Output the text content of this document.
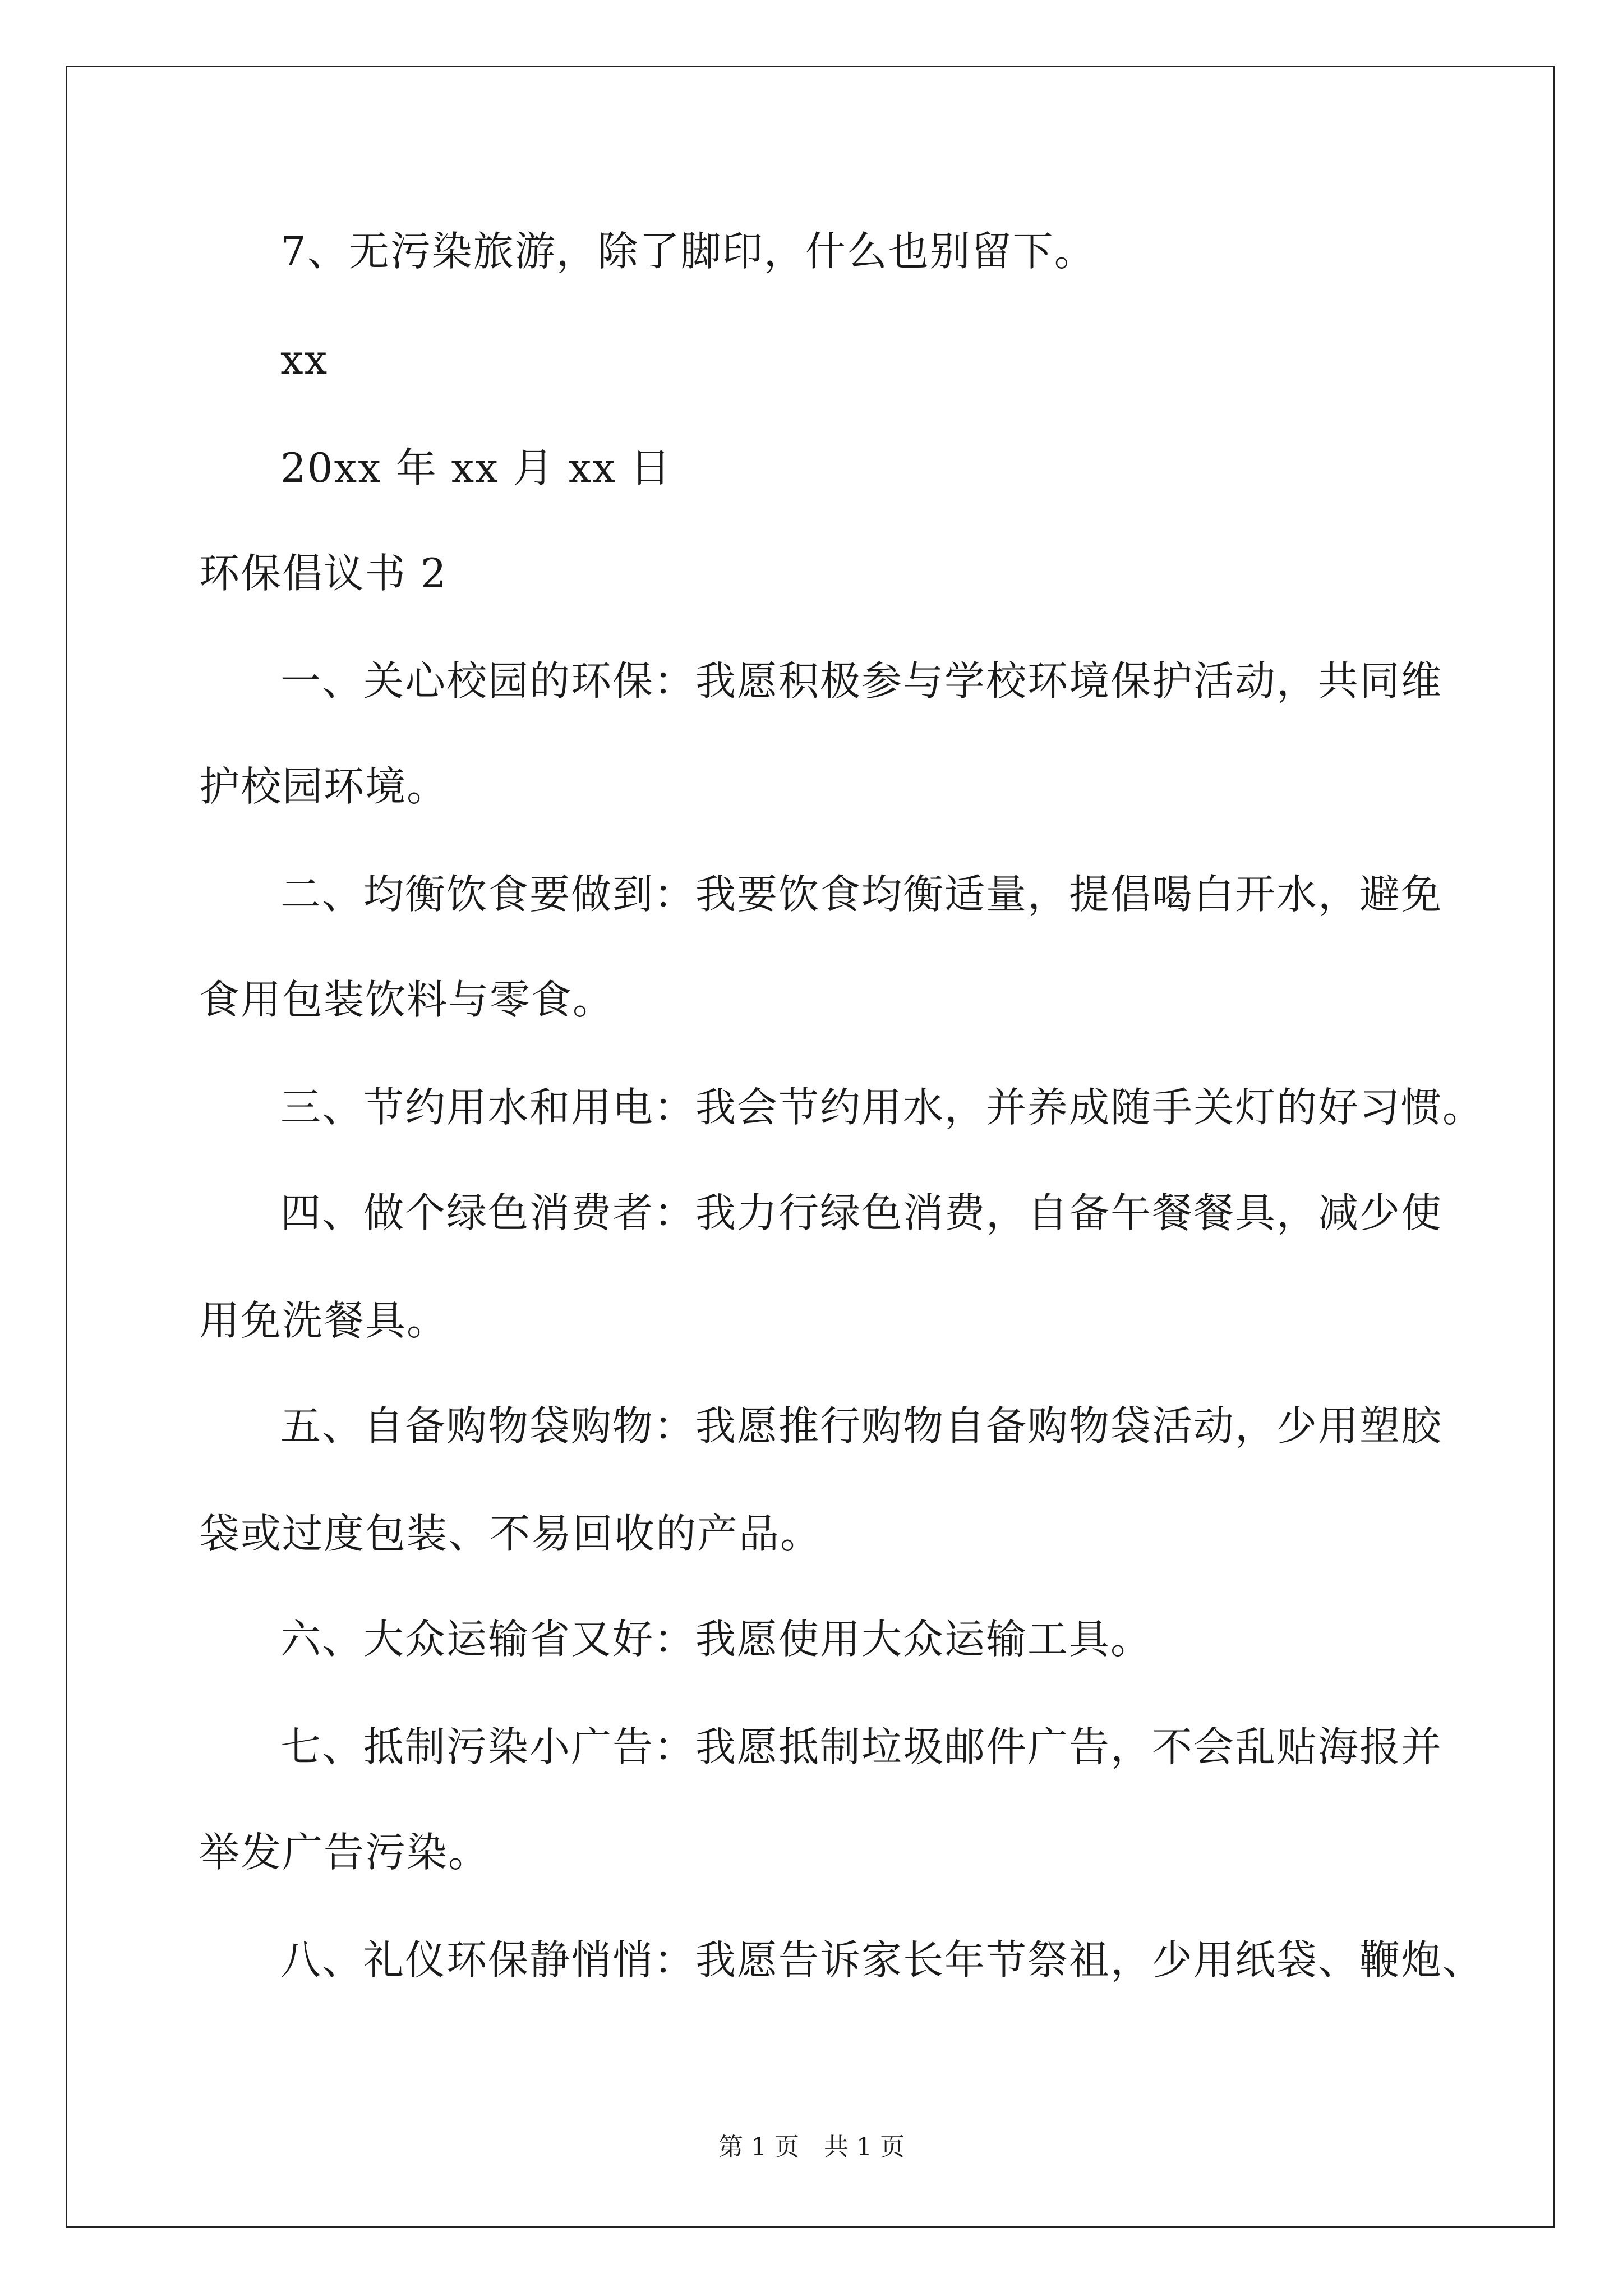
7、无污染旅游，除了脚印，什么也别留下。
xx
20xx 年 xx 月 xx 日
环保倡议书 2
一、关心校园的环保：我愿积极参与学校环境保护活动，共同维
护校园环境。
二、均衡饮食要做到：我要饮食均衡适量，提倡喝白开水，避免
食用包装饮料与零食。
三、节约用水和用电：我会节约用水，并养成随手关灯的好习惯。
四、做个绿色消费者：我力行绿色消费，自备午餐餐具，减少使
用免洗餐具。
五、自备购物袋购物：我愿推行购物自备购物袋活动，少用塑胶
袋或过度包装、不易回收的产品。
六、大众运输省又好：我愿使用大众运输工具。
七、抵制污染小广告：我愿抵制垃圾邮件广告，不会乱贴海报并
举发广告污染。
八、礼仪环保静悄悄：我愿告诉家长年节祭祖，少用纸袋、鞭炮、
第 1 页　共 1 页
